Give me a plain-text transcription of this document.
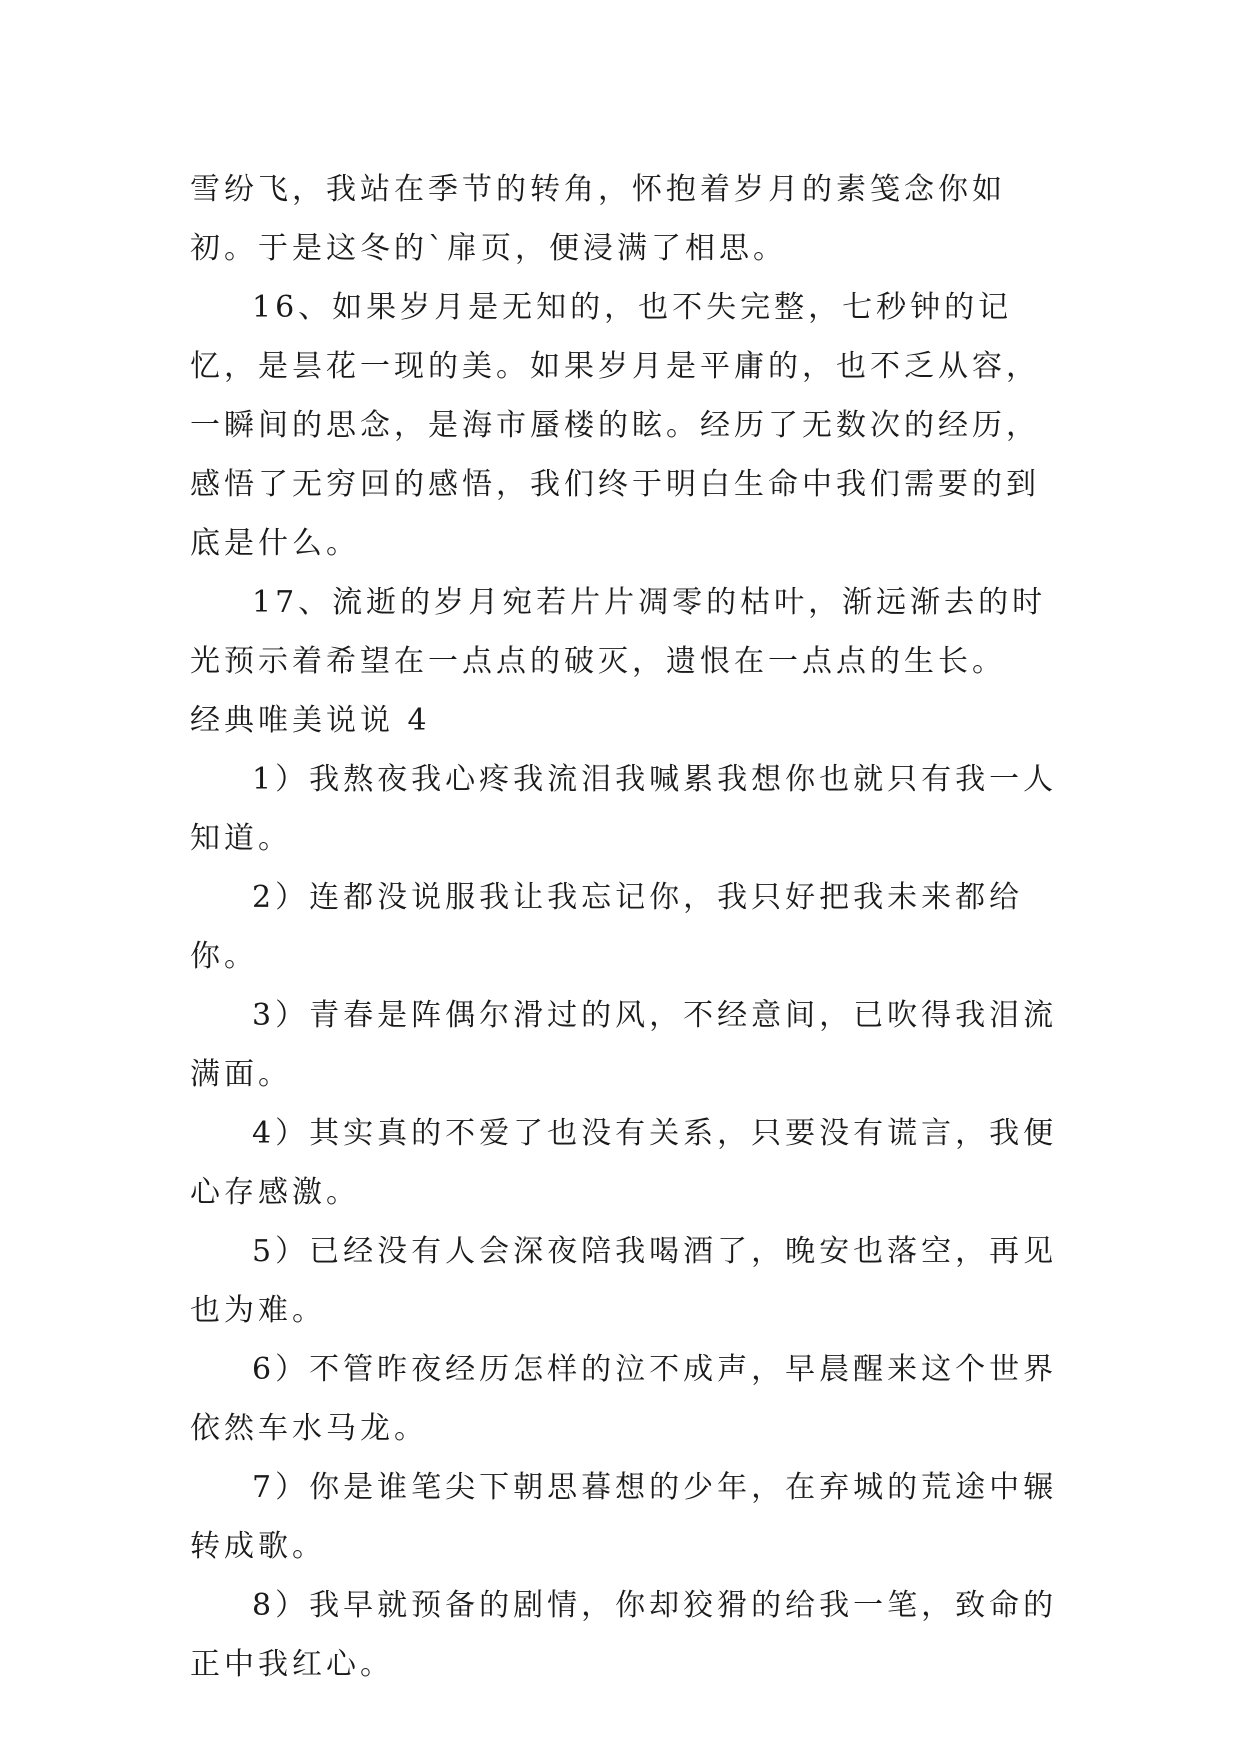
雪纷飞，我站在季节的转角，怀抱着岁月的素笺念你如初。于是这冬的`扉页，便浸满了相思。

16、如果岁月是无知的，也不失完整，七秒钟的记忆，是昙花一现的美。如果岁月是平庸的，也不乏从容，一瞬间的思念，是海市蜃楼的眩。经历了无数次的经历，感悟了无穷回的感悟，我们终于明白生命中我们需要的到底是什么。

17、流逝的岁月宛若片片凋零的枯叶，渐远渐去的时光预示着希望在一点点的破灭，遗恨在一点点的生长。

经典唯美说说 4

1）我熬夜我心疼我流泪我喊累我想你也就只有我一人知道。

2）连都没说服我让我忘记你，我只好把我未来都给你。

3）青春是阵偶尔滑过的风，不经意间，已吹得我泪流满面。

4）其实真的不爱了也没有关系，只要没有谎言，我便心存感激。

5）已经没有人会深夜陪我喝酒了，晚安也落空，再见也为难。

6）不管昨夜经历怎样的泣不成声，早晨醒来这个世界依然车水马龙。

7）你是谁笔尖下朝思暮想的少年，在弃城的荒途中辗转成歌。

8）我早就预备的剧情，你却狡猾的给我一笔，致命的正中我红心。
